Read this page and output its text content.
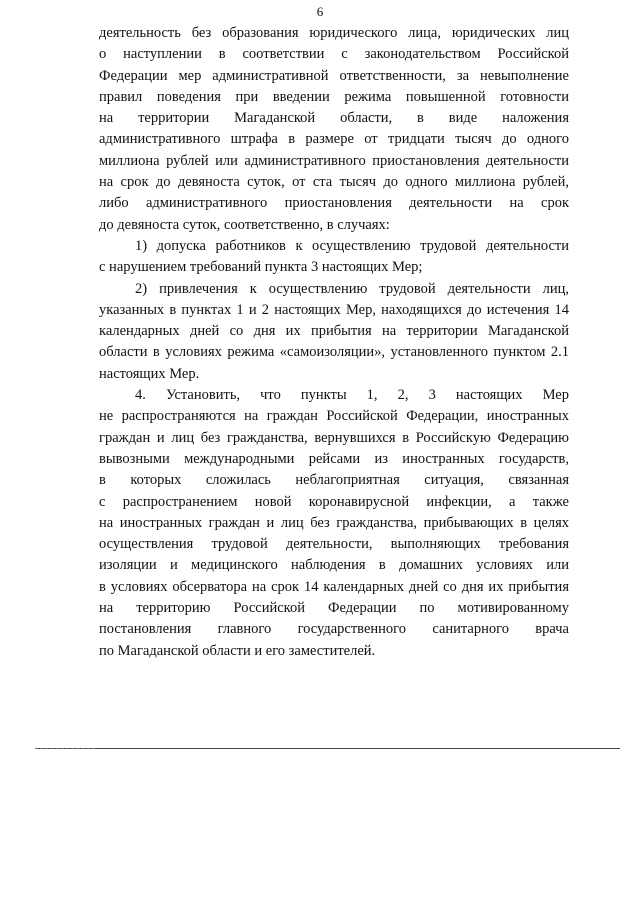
6

деятельность без образования юридического лица, юридических лиц
о наступлении в соответствии с законодательством Российской
Федерации мер административной ответственности, за невыполнение
правил поведения при введении режима повышенной готовности
на территории Магаданской области, в виде наложения
административного штрафа в размере от тридцати тысяч до одного
миллиона рублей или административного приостановления деятельности
на срок до девяноста суток, от ста тысяч до одного миллиона рублей,
либо административного приостановления деятельности на срок
до девяноста суток, соответственно, в случаях:

1) допуска работников к осуществлению трудовой деятельности
с нарушением требований пункта 3 настоящих Мер;

2) привлечения к осуществлению трудовой деятельности лиц,
указанных в пунктах 1 и 2 настоящих Мер, находящихся до истечения 14
календарных дней со дня их прибытия на территории Магаданской
области в условиях режима «самоизоляции», установленного пунктом 2.1
настоящих Мер.

4. Установить, что пункты 1, 2, 3 настоящих Мер
не распространяются на граждан Российской Федерации, иностранных
граждан и лиц без гражданства, вернувшихся в Российскую Федерацию
вывозными международными рейсами из иностранных государств,
в которых сложилась неблагоприятная ситуация, связанная
с распространением новой коронавирусной инфекции, а также
на иностранных граждан и лиц без гражданства, прибывающих в целях
осуществления трудовой деятельности, выполняющих требования
изоляции и медицинского наблюдения в домашних условиях или
в условиях обсерватора на срок 14 календарных дней со дня их прибытия
на территорию Российской Федерации по мотивированному
постановления главного государственного санитарного врача
по Магаданской области и его заместителей.
